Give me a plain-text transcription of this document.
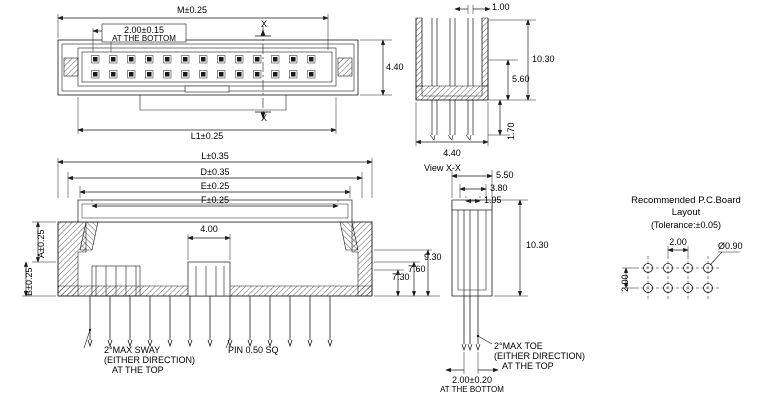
M±0.25
2.00±0.15
AT THE BOTTOM
X
X
4.40
L1±0.25
1.00
10.30
5.60
1.70
4.40
View X-X
L±0.35
D±0.35
E±0.25
F±0.25
A±0.25
B±0.25
4.00
7.30
7.60
9.30
2°MAX SWAY
(EITHER DIRECTION)
AT THE TOP
PIN 0.50 SQ
5.50
3.80
1.95
10.30
2.00±0.20
AT THE BOTTOM
2°MAX TOE
(EITHER DIRECTION)
AT THE TOP
Recommended P.C.Board
Layout
(Tolerance:±0.05)
2.00
2.00	Ø0.90
